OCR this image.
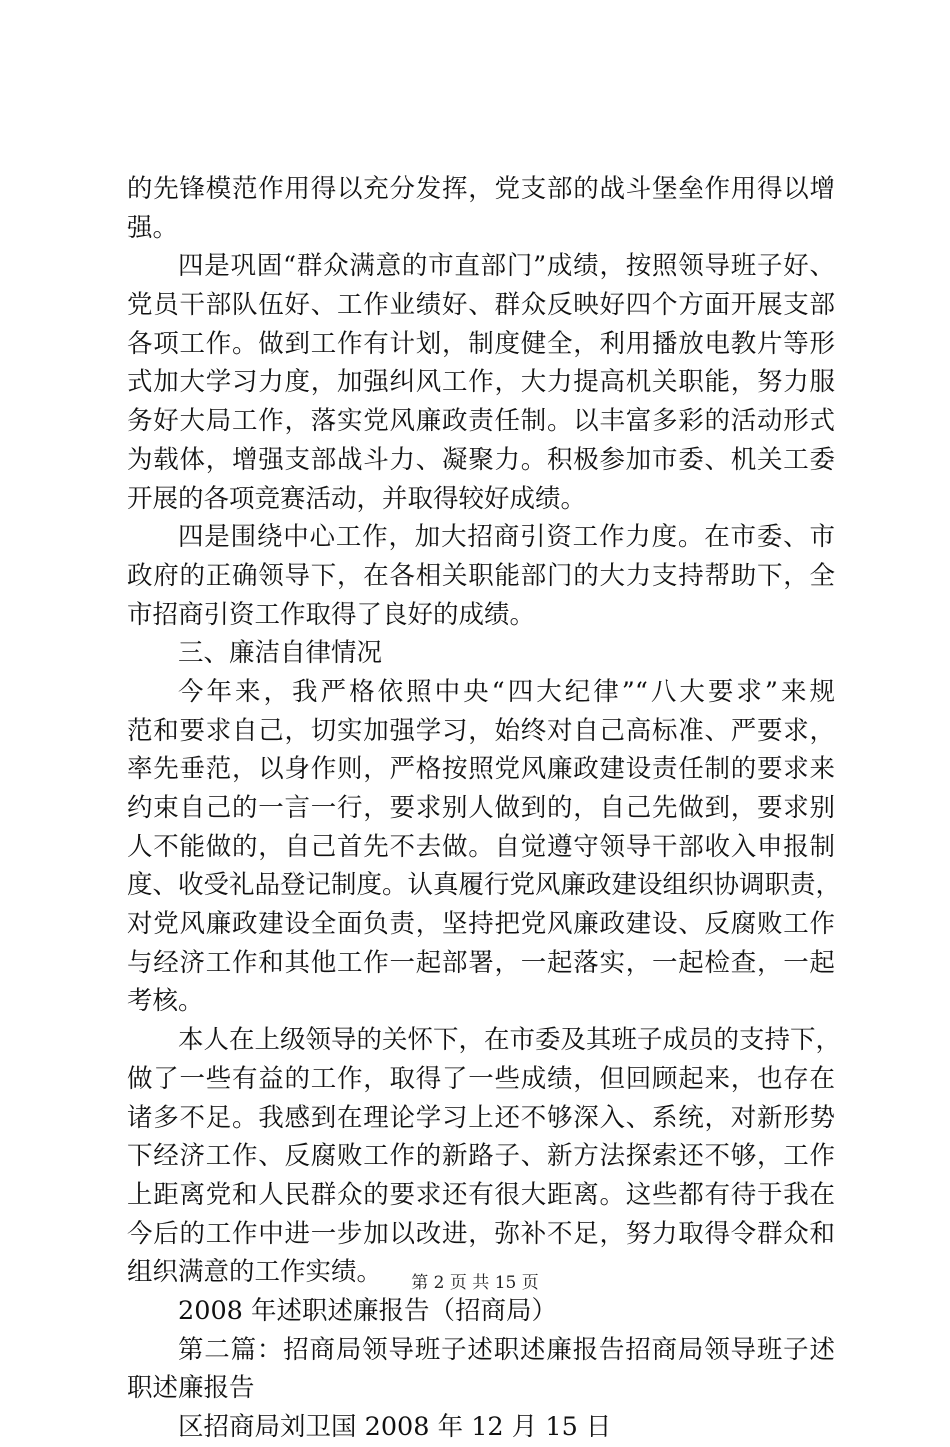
的先锋模范作用得以充分发挥，党支部的战斗堡垒作用得以增
强。
四是巩固“群众满意的市直部门”成绩，按照领导班子好、
党员干部队伍好、工作业绩好、群众反映好四个方面开展支部
各项工作。做到工作有计划，制度健全，利用播放电教片等形
式加大学习力度，加强纠风工作，大力提高机关职能，努力服
务好大局工作，落实党风廉政责任制。以丰富多彩的活动形式
为载体，增强支部战斗力、凝聚力。积极参加市委、机关工委
开展的各项竞赛活动，并取得较好成绩。
四是围绕中心工作，加大招商引资工作力度。在市委、市
政府的正确领导下，在各相关职能部门的大力支持帮助下，全
市招商引资工作取得了良好的成绩。
三、廉洁自律情况
今年来，我严格依照中央“四大纪律”“八大要求”来规
范和要求自己，切实加强学习，始终对自己高标准、严要求，
率先垂范，以身作则，严格按照党风廉政建设责任制的要求来
约束自己的一言一行，要求别人做到的，自己先做到，要求别
人不能做的，自己首先不去做。自觉遵守领导干部收入申报制
度、收受礼品登记制度。认真履行党风廉政建设组织协调职责，
对党风廉政建设全面负责，坚持把党风廉政建设、反腐败工作
与经济工作和其他工作一起部署，一起落实，一起检查，一起
考核。
本人在上级领导的关怀下，在市委及其班子成员的支持下，
做了一些有益的工作，取得了一些成绩，但回顾起来，也存在
诸多不足。我感到在理论学习上还不够深入、系统，对新形势
下经济工作、反腐败工作的新路子、新方法探索还不够，工作
上距离党和人民群众的要求还有很大距离。这些都有待于我在
今后的工作中进一步加以改进，弥补不足，努力取得令群众和
组织满意的工作实绩。
2008 年述职述廉报告（招商局）
第二篇：招商局领导班子述职述廉报告招商局领导班子述
职述廉报告
区招商局刘卫国 2008 年 12 月 15 日
第 2 页 共 15 页
